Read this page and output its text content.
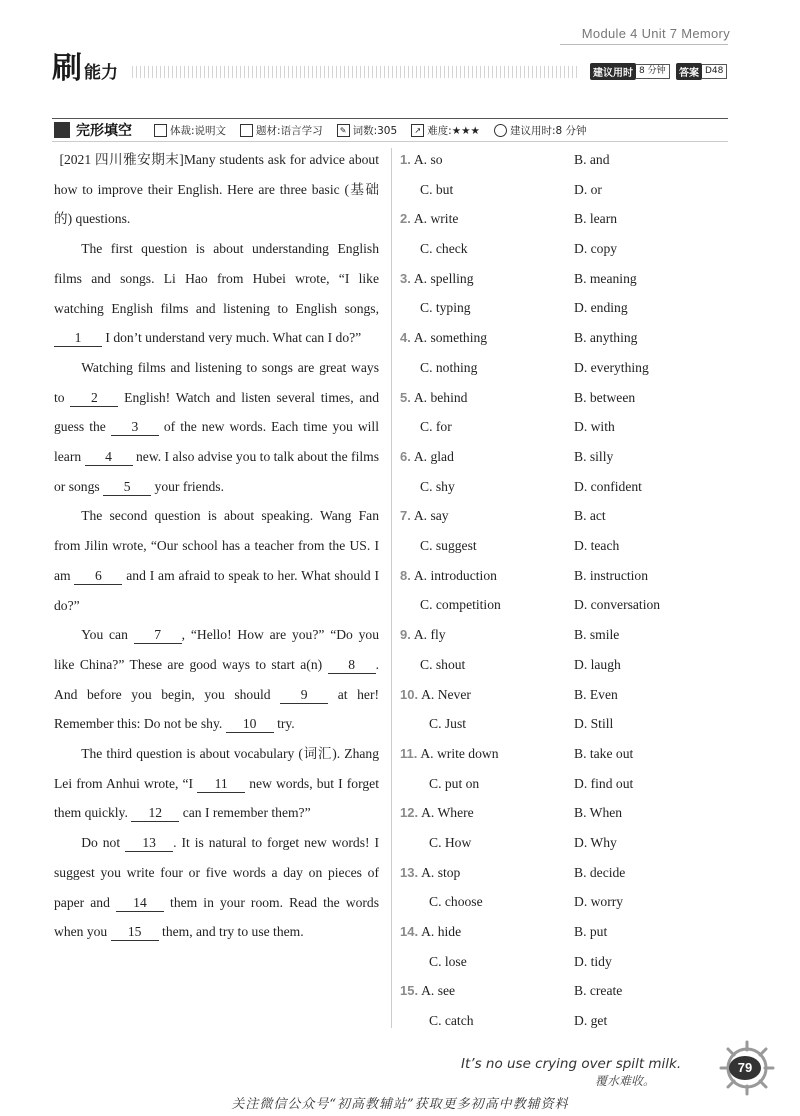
Module 4 Unit 7 Memory
刷 能力	建议用时 8 分钟	答案 D48
完形填空	体裁:说明文	题材:语言学习	✎ 词数:305	↗ 难度:★★★	建议用时:8 分钟

[2021 四川雅安期末]Many students ask for advice about how to improve their English. Here are three basic (基础的) questions.

The first question is about understanding English films and songs. Li Hao from Hubei wrote, “I like watching English films and listening to English songs, 1 I don’t understand very much. What can I do?”

Watching films and listening to songs are great ways to 2 English! Watch and listen several times, and guess the 3 of the new words. Each time you will learn 4 new. I also advise you to talk about the films or songs 5 your friends.

The second question is about speaking. Wang Fan from Jilin wrote, “Our school has a teacher from the US. I am 6 and I am afraid to speak to her. What should I do?”

You can 7 , “Hello! How are you?” “Do you like China?” These are good ways to start a(n) 8 . And before you begin, you should 9 at her! Remember this: Do not be shy. 10 try.

The third question is about vocabulary (词汇). Zhang Lei from Anhui wrote, “I 11 new words, but I forget them quickly. 12 can I remember them?”

Do not 13 . It is natural to forget new words! I suggest you write four or five words a day on pieces of paper and 14 them in your room. Read the words when you 15 them, and try to use them.

1. A. so	B. and
C. but	D. or
2. A. write	B. learn
C. check	D. copy
3. A. spelling	B. meaning
C. typing	D. ending
4. A. something	B. anything
C. nothing	D. everything
5. A. behind	B. between
C. for	D. with
6. A. glad	B. silly
C. shy	D. confident
7. A. say	B. act
C. suggest	D. teach
8. A. introduction	B. instruction
C. competition	D. conversation
9. A. fly	B. smile
C. shout	D. laugh
10. A. Never	B. Even
C. Just	D. Still
11. A. write down	B. take out
C. put on	D. find out
12. A. Where	B. When
C. How	D. Why
13. A. stop	B. decide
C. choose	D. worry
14. A. hide	B. put
C. lose	D. tidy
15. A. see	B. create
C. catch	D. get
It’s no use crying over spilt milk.
覆水难收。
79
关注微信公众号“初高教辅站”获取更多初高中教辅资料
